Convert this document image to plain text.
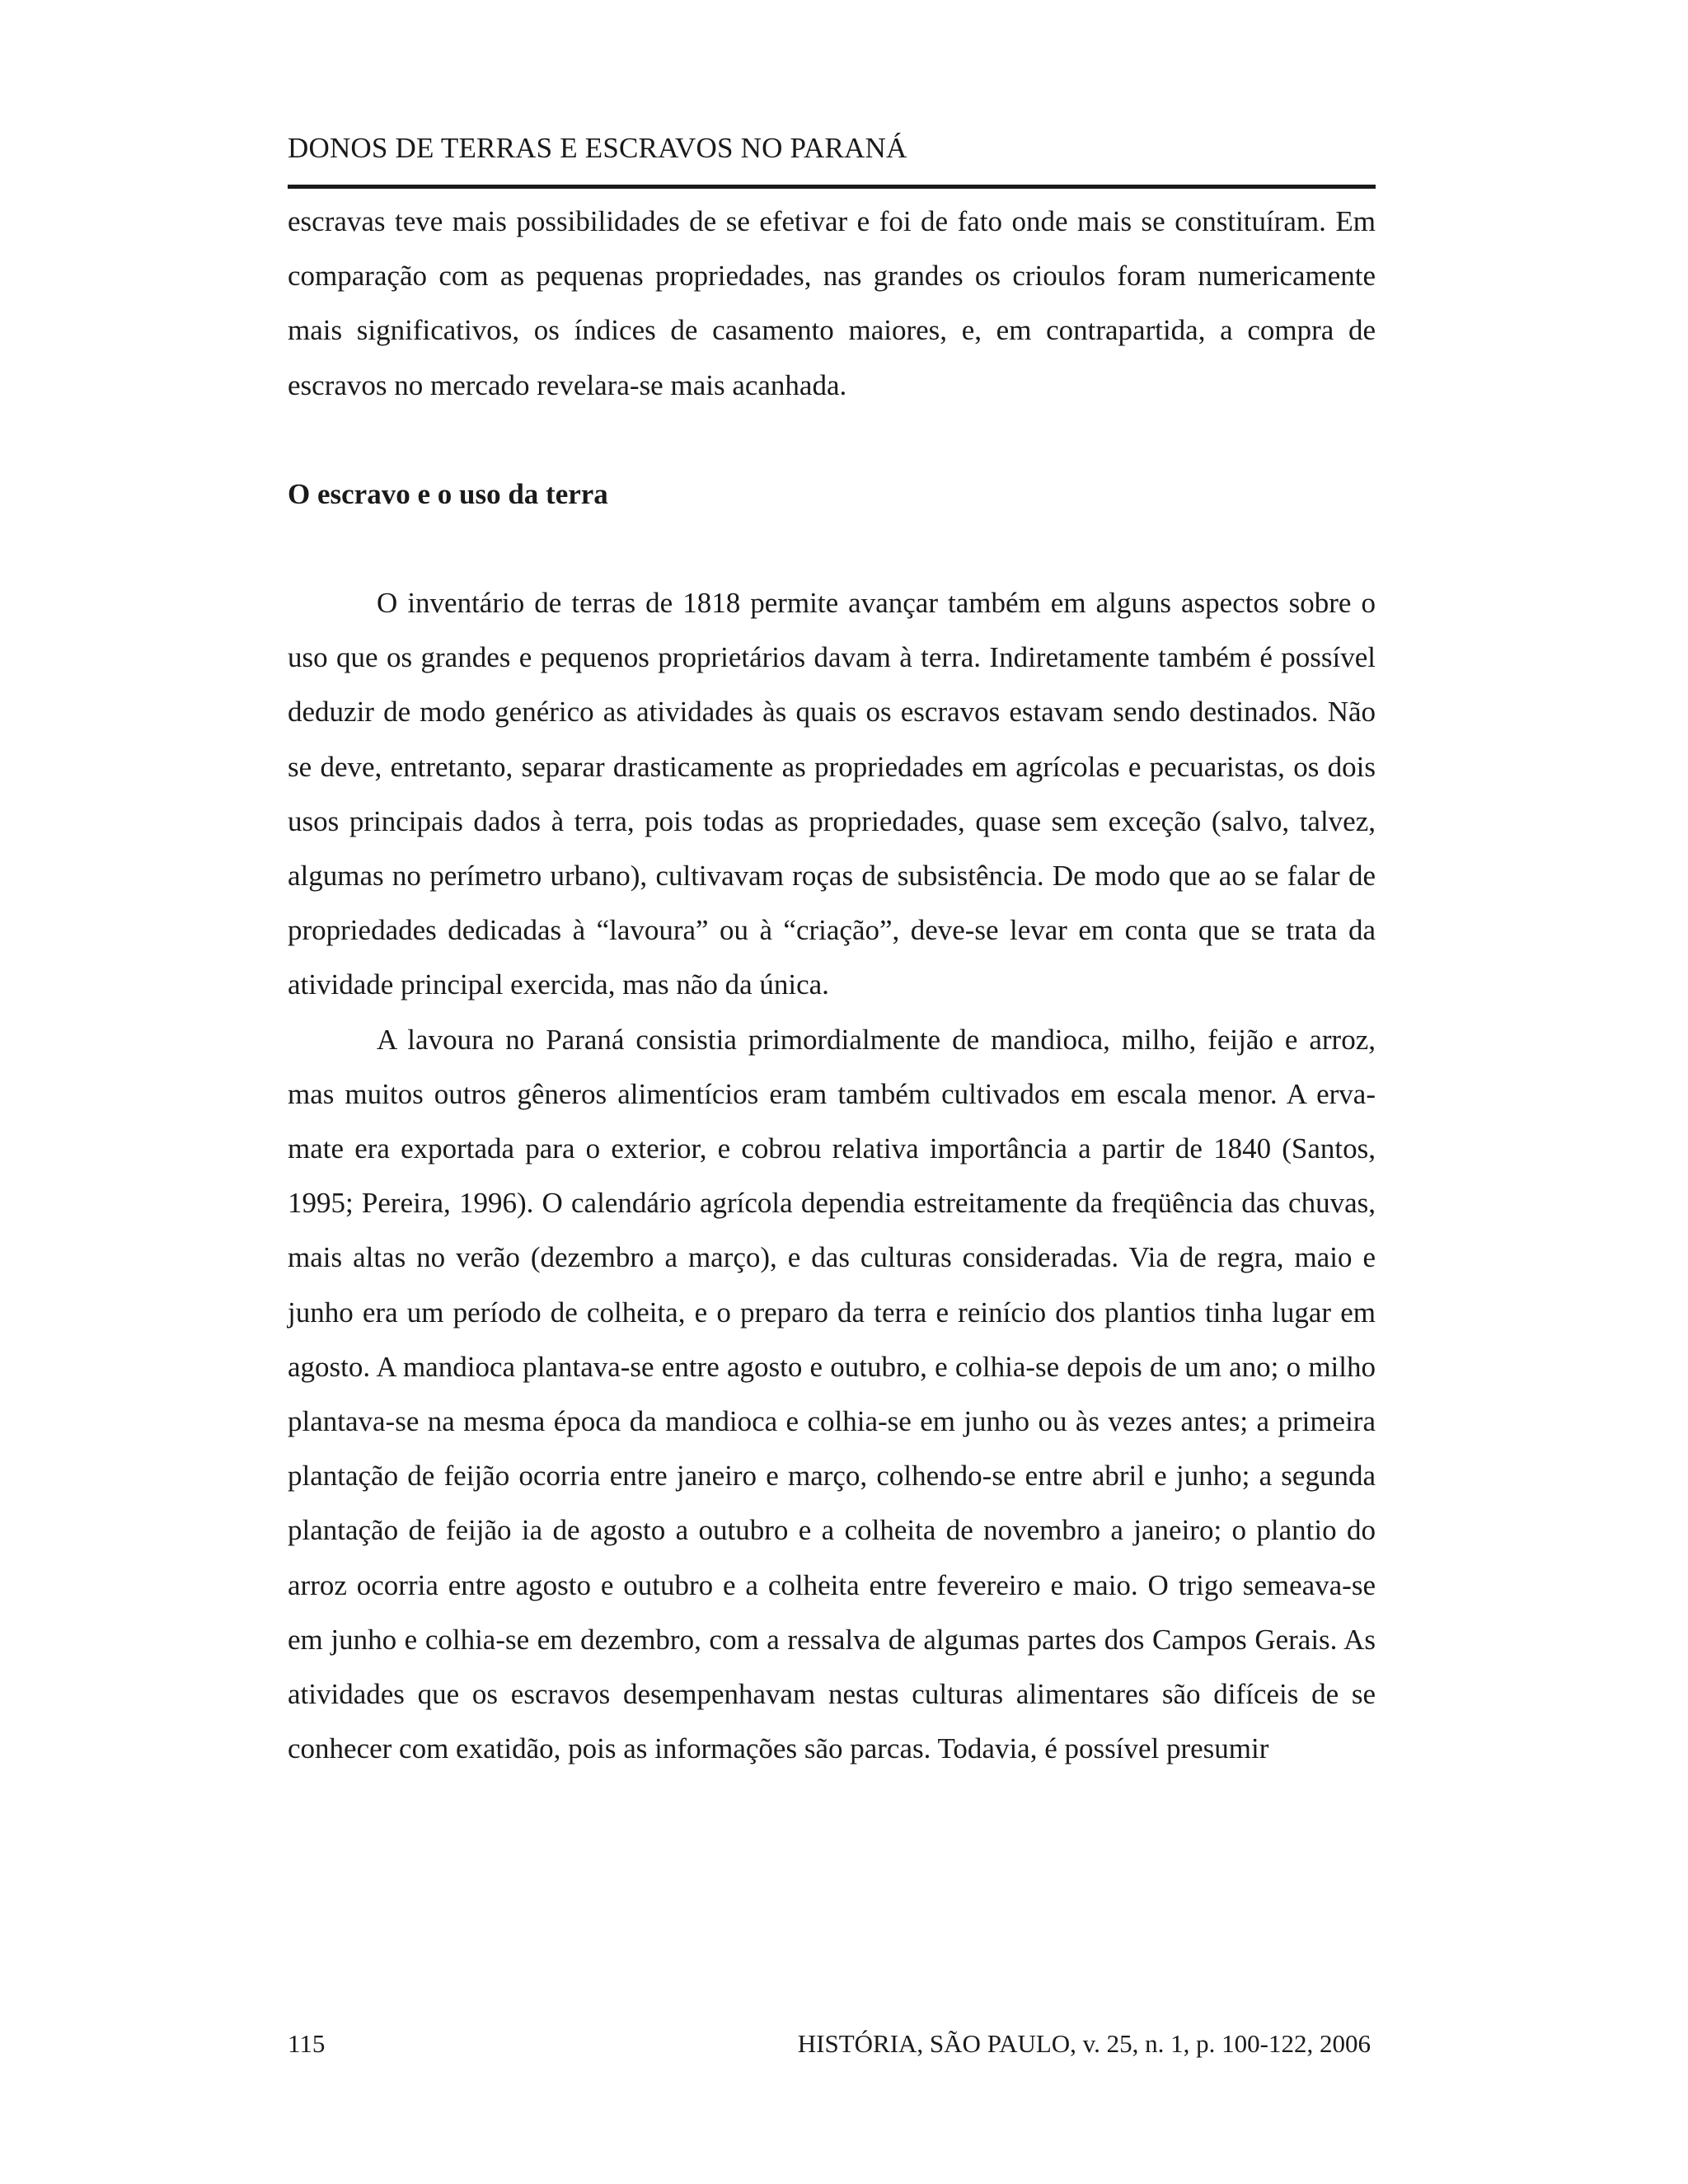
DONOS DE TERRAS E ESCRAVOS NO PARANÁ

escravas teve mais possibilidades de se efetivar e foi de fato onde mais se constituíram. Em comparação com as pequenas propriedades, nas grandes os crioulos foram numericamente mais significativos, os índices de casamento maiores, e, em contrapartida, a compra de escravos no mercado revelara-se mais acanhada.

O escravo e o uso da terra

O inventário de terras de 1818 permite avançar também em alguns aspectos sobre o uso que os grandes e pequenos proprietários davam à terra. Indiretamente também é possível deduzir de modo genérico as atividades às quais os escravos estavam sendo destinados. Não se deve, entretanto, separar drasticamente as propriedades em agrícolas e pecuaristas, os dois usos principais dados à terra, pois todas as propriedades, quase sem exceção (salvo, talvez, algumas no perímetro urbano), cultivavam roças de subsistência. De modo que ao se falar de propriedades dedicadas à “lavoura” ou à “criação”, deve-se levar em conta que se trata da atividade principal exercida, mas não da única.

A lavoura no Paraná consistia primordialmente de mandioca, milho, feijão e arroz, mas muitos outros gêneros alimentícios eram também cultivados em escala menor. A erva-mate era exportada para o exterior, e cobrou relativa importância a partir de 1840 (Santos, 1995; Pereira, 1996). O calendário agrícola dependia estreitamente da freqüência das chuvas, mais altas no verão (dezembro a março), e das culturas consideradas. Via de regra, maio e junho era um período de colheita, e o preparo da terra e reinício dos plantios tinha lugar em agosto. A mandioca plantava-se entre agosto e outubro, e colhia-se depois de um ano; o milho plantava-se na mesma época da mandioca e colhia-se em junho ou às vezes antes; a primeira plantação de feijão ocorria entre janeiro e março, colhendo-se entre abril e junho; a segunda plantação de feijão ia de agosto a outubro e a colheita de novembro a janeiro; o plantio do arroz ocorria entre agosto e outubro e a colheita entre fevereiro e maio. O trigo semeava-se em junho e colhia-se em dezembro, com a ressalva de algumas partes dos Campos Gerais. As atividades que os escravos desempenhavam nestas culturas alimentares são difíceis de se conhecer com exatidão, pois as informações são parcas. Todavia, é possível presumir

115	HISTÓRIA, SÃO PAULO, v. 25, n. 1, p. 100-122, 2006
